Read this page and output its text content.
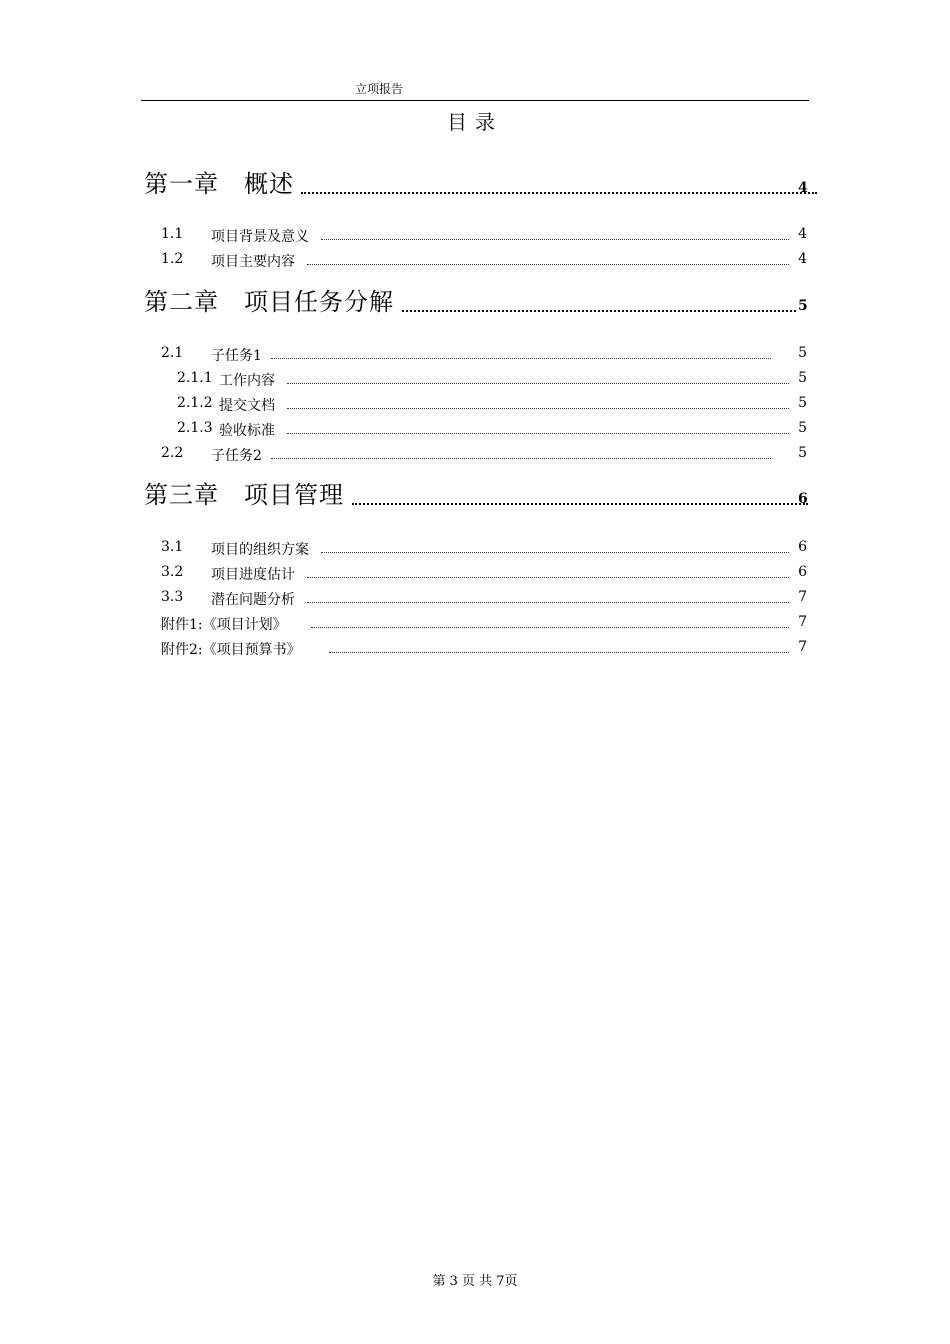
立项报告
目录
第一章　概述	4
1.1 项目背景及意义	4
1.2 项目主要内容	4
第二章　项目任务分解	5
2.1 子任务1	5
2.1.1 工作内容	5
2.1.2 提交文档	5
2.1.3 验收标准	5
2.2 子任务2	5
第三章　项目管理	6
3.1 项目的组织方案	6
3.2 项目进度估计	6
3.3 潜在问题分析	7
附件1:《项目计划》	7
附件2:《项目预算书》	7
第 3 页 共 7页
